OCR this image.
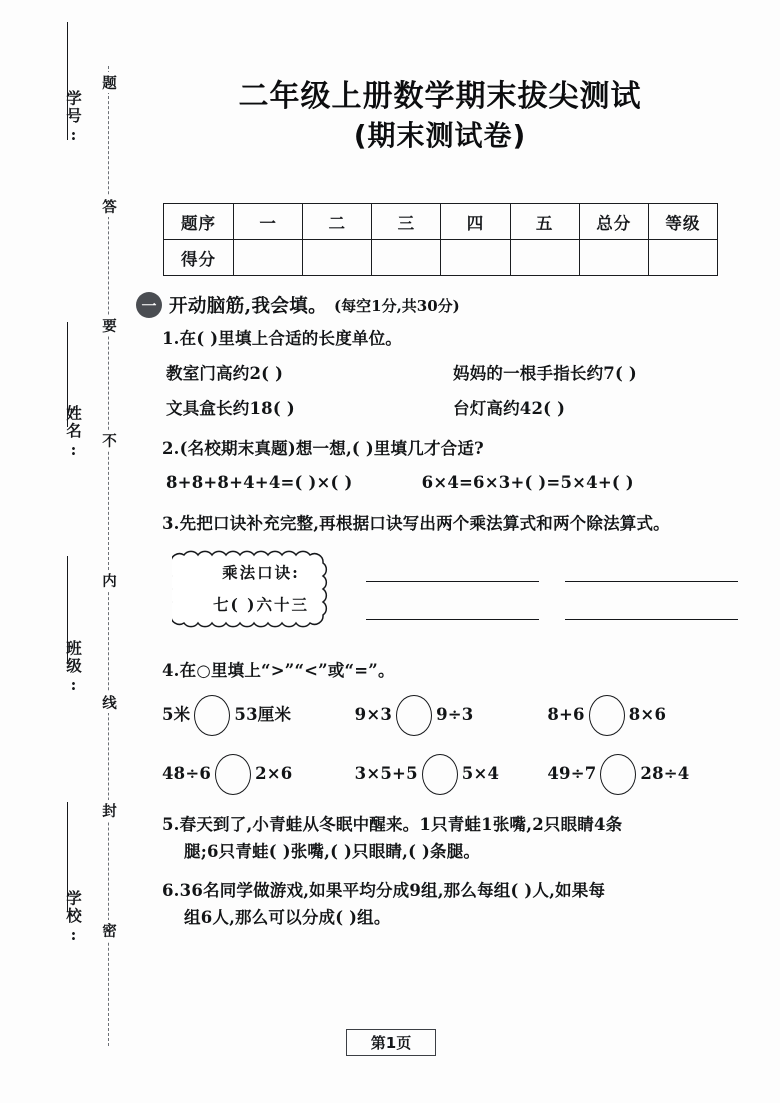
学号:
姓名:
班级:
学校:
题
答
要
不
内
线
封
密
二年级上册数学期末拔尖测试
(期末测试卷)
题序	一	二	三	四	五	总分	等级
得分							
一 开动脑筋,我会填。 (每空1分,共30分)
1.在( )里填上合适的长度单位。
教室门高约2( )	妈妈的一根手指长约7( )
文具盒长约18( )	台灯高约42( )
2.(名校期末真题)想一想,( )里填几才合适?
8+8+8+4+4=( )×( )	6×4=6×3+( )=5×4+( )
3.先把口诀补充完整,再根据口诀写出两个乘法算式和两个除法算式。
乘法口诀:
七( )六十三
4.在○里填上“>”“<”或“=”。
5米	53厘米	9×3	9÷3	8+6	8×6
48÷6	2×6	3×5+5	5×4	49÷7	28÷4
5.春天到了,小青蛙从冬眠中醒来。1只青蛙1张嘴,2只眼睛4条
腿;6只青蛙( )张嘴,( )只眼睛,( )条腿。
6.36名同学做游戏,如果平均分成9组,那么每组( )人,如果每
组6人,那么可以分成( )组。
第1页
